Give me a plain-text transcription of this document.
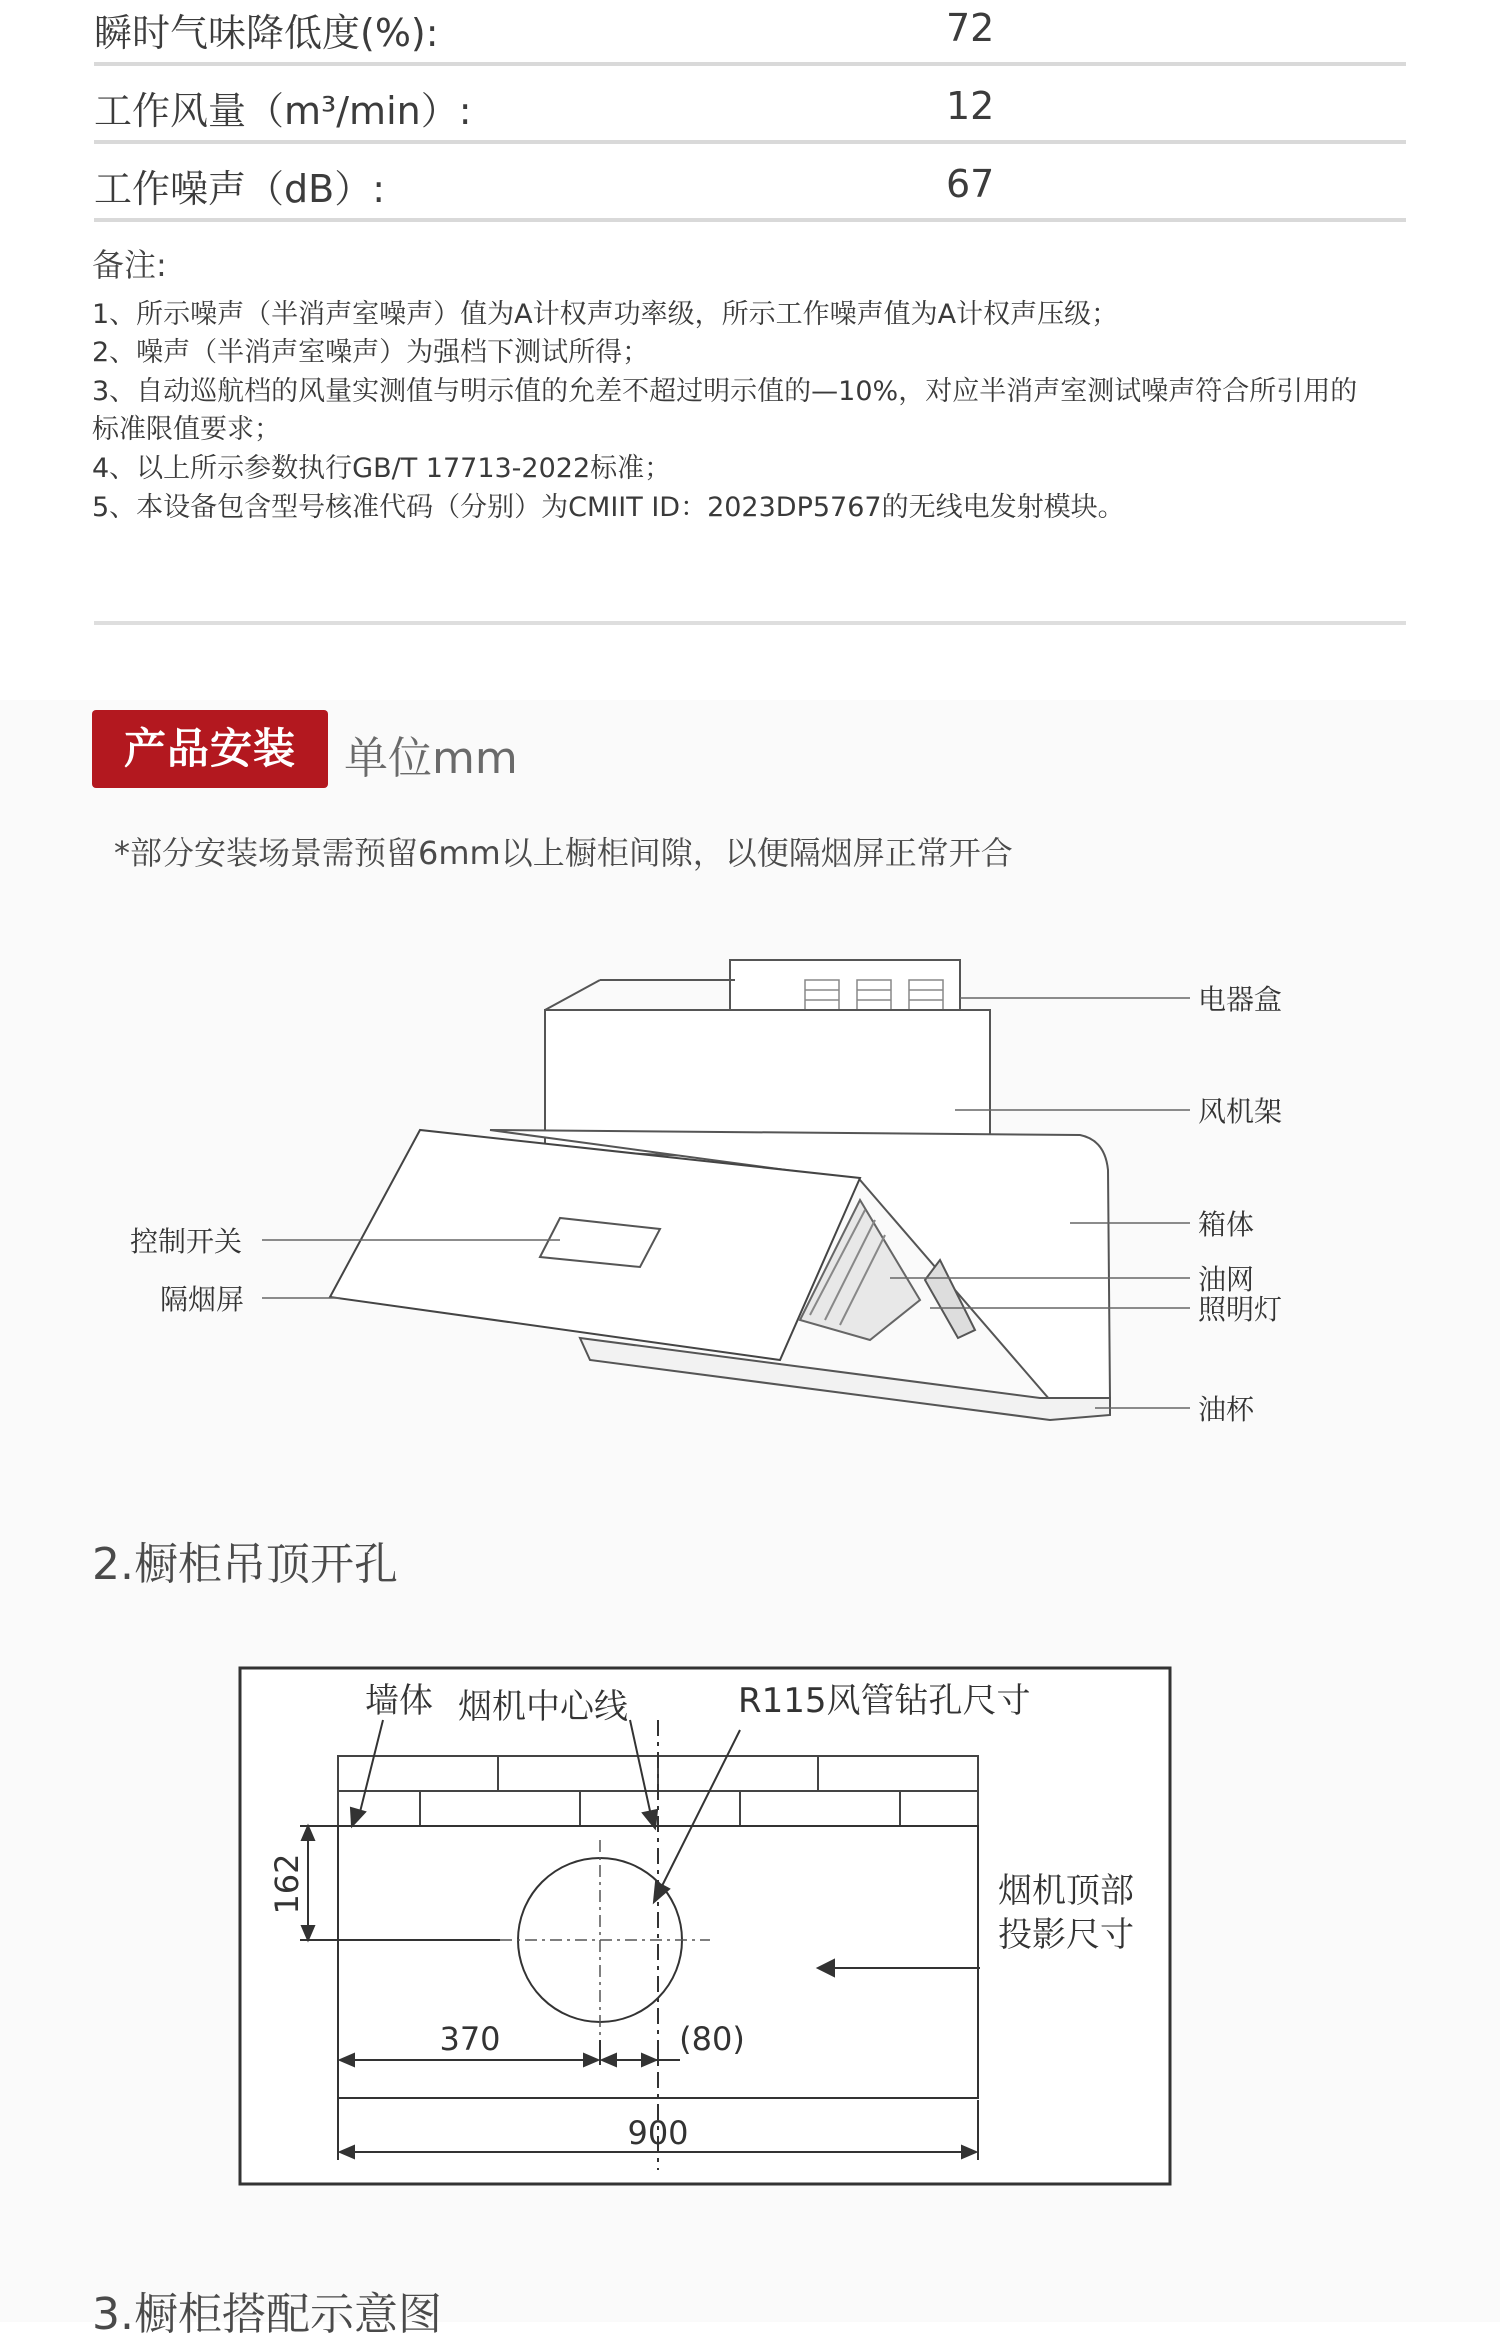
瞬时气味降低度(%):	72
工作风量（m³/min）:	12
工作噪声（dB）:	67
备注:
1、所示噪声（半消声室噪声）值为A计权声功率级，所示工作噪声值为A计权声压级；
2、噪声（半消声室噪声）为强档下测试所得；
3、自动巡航档的风量实测值与明示值的允差不超过明示值的—10%，对应半消声室测试噪声符合所引用的
标准限值要求；
4、以上所示参数执行GB/T 17713-2022标准；
5、本设备包含型号核准代码（分别）为CMIIT ID：2023DP5767的无线电发射模块。
产品安装	单位mm
*部分安装场景需预留6mm以上橱柜间隙，以便隔烟屏正常开合
电器盒
风机架
箱体
油网
照明灯
油杯
控制开关
隔烟屏
2.橱柜吊顶开孔
墙体 烟机中心线	R115风管钻孔尺寸
烟机顶部
投影尺寸
162
370	(80)
900
3.橱柜搭配示意图
